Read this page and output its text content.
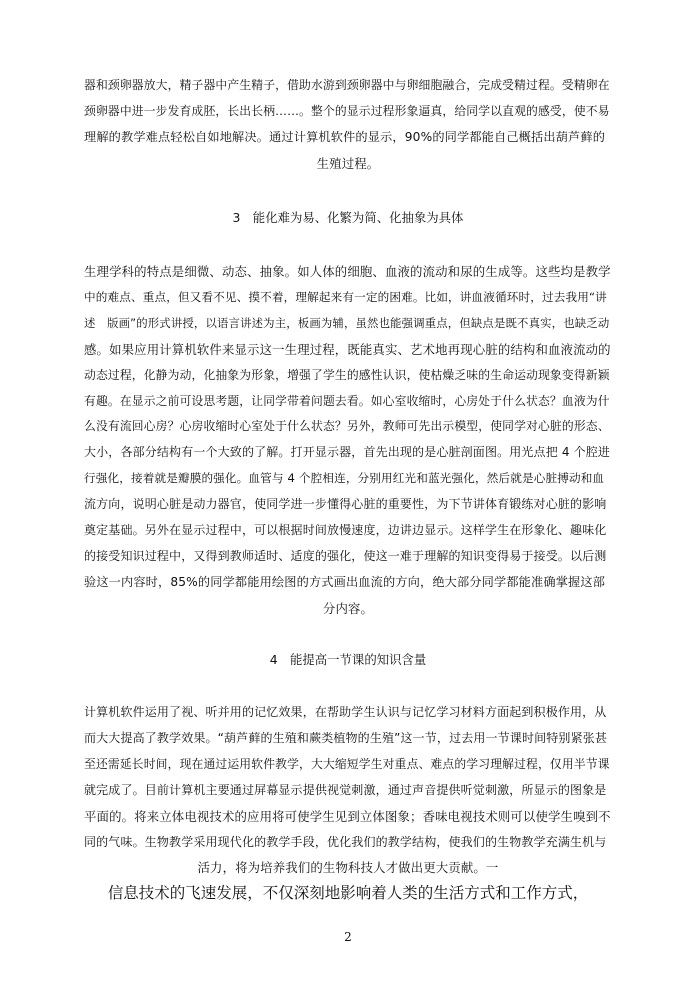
器和颈卵器放大，精子器中产生精子，借助水游到颈卵器中与卵细胞融合，完成受精过程。受精卵在
颈卵器中进一步发育成胚，长出长柄……。整个的显示过程形象逼真，给同学以直观的感受，使不易
理解的教学难点轻松自如地解决。通过计算机软件的显示，90%的同学都能自己概括出葫芦藓的
生殖过程。
3　能化难为易、化繁为简、化抽象为具体
生理学科的特点是细微、动态、抽象。如人体的细胞、血液的流动和尿的生成等。这些均是教学
中的难点、重点，但又看不见、摸不着，理解起来有一定的困难。比如，讲血液循环时，过去我用“讲
述　版画”的形式讲授，以语言讲述为主，板画为辅，虽然也能强调重点，但缺点是既不真实，也缺乏动
感。如果应用计算机软件来显示这一生理过程，既能真实、艺术地再现心脏的结构和血液流动的
动态过程，化静为动，化抽象为形象，增强了学生的感性认识，使枯燥乏味的生命运动现象变得新颖
有趣。在显示之前可设思考题，让同学带着问题去看。如心室收缩时，心房处于什么状态？血液为什
么没有流回心房？心房收缩时心室处于什么状态？另外，教师可先出示模型，使同学对心脏的形态、
大小，各部分结构有一个大致的了解。打开显示器，首先出现的是心脏剖面图。用光点把 4 个腔进
行强化，接着就是瓣膜的强化。血管与 4 个腔相连，分别用红光和蓝光强化，然后就是心脏搏动和血
流方向，说明心脏是动力器官，使同学进一步懂得心脏的重要性，为下节讲体育锻练对心脏的影响
奠定基础。另外在显示过程中，可以根据时间放慢速度，边讲边显示。这样学生在形象化、趣味化
的接受知识过程中，又得到教师适时、适度的强化，使这一难于理解的知识变得易于接受。以后测
验这一内容时，85%的同学都能用绘图的方式画出血流的方向，绝大部分同学都能准确掌握这部
分内容。
4　能提高一节课的知识含量
计算机软件运用了视、听并用的记忆效果，在帮助学生认识与记忆学习材料方面起到积极作用，从
而大大提高了教学效果。“葫芦藓的生殖和蕨类植物的生殖”这一节，过去用一节课时间特别紧张甚
至还需延长时间，现在通过运用软件教学，大大缩短学生对重点、难点的学习理解过程，仅用半节课
就完成了。目前计算机主要通过屏幕显示提供视觉刺激，通过声音提供听觉刺激，所显示的图象是
平面的。将来立体电视技术的应用将可使学生见到立体图象；香味电视技术则可以使学生嗅到不
同的气味。生物教学采用现代化的教学手段，优化我们的教学结构，使我们的生物教学充满生机与
活力，将为培养我们的生物科技人才做出更大贡献。一
信息技术的飞速发展，不仅深刻地影响着人类的生活方式和工作方式，
2
